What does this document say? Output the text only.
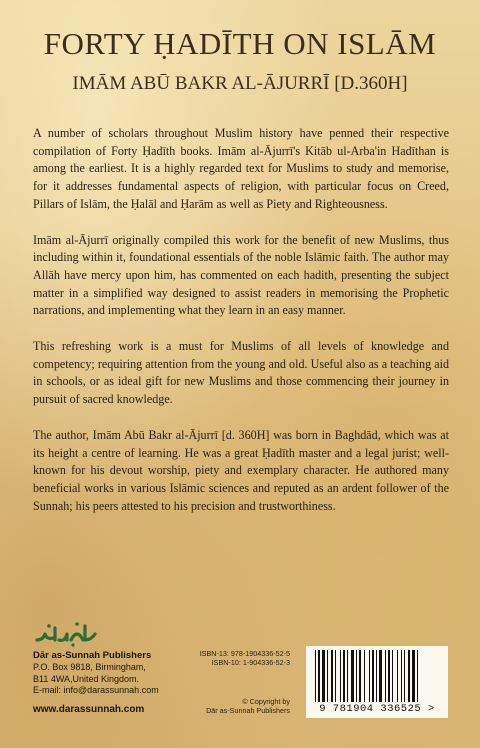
FORTY ḤADĪTH ON ISLĀM
IMĀM ABŪ BAKR AL-ĀJURRĪ [D.360H]

A number of scholars throughout Muslim history have penned their respective compilation of Forty Ḥadīth books. Imām al-Ājurrī's Kitāb ul-Arba'in Hadīthan is among the earliest. It is a highly regarded text for Muslims to study and memorise, for it addresses fundamental aspects of religion, with particular focus on Creed, Pillars of Islām, the Ḥalāl and Ḥarām as well as Piety and Righteousness.

Imām al-Ājurrī originally compiled this work for the benefit of new Muslims, thus including within it, foundational essentials of the noble Islāmic faith. The author may Allāh have mercy upon him, has commented on each hadith, presenting the subject matter in a simplified way designed to assist readers in memorising the Prophetic narrations, and implementing what they learn in an easy manner.

This refreshing work is a must for Muslims of all levels of knowledge and competency; requiring attention from the young and old. Useful also as a teaching aid in schools, or as ideal gift for new Muslims and those commencing their journey in pursuit of sacred knowledge.

The author, Imām Abū Bakr al-Ājurrī [d. 360H] was born in Baghdād, which was at its height a centre of learning. He was a great Ḥadīth master and a legal jurist; well-known for his devout worship, piety and exemplary character. He authored many beneficial works in various Islāmic sciences and reputed as an ardent follower of the Sunnah; his peers attested to his precision and trustworthiness.

Dār as-Sunnah Publishers
P.O. Box 9818, Birmingham,
B11 4WA,United Kingdom.
E-mail: info@darassunnah.com
www.darassunnah.com
ISBN-13: 978-1904336-52-5
ISBN-10: 1-904336-52-3
© Copyright by
Dār as-Sunnah Publishers	9 781904 336525 >
